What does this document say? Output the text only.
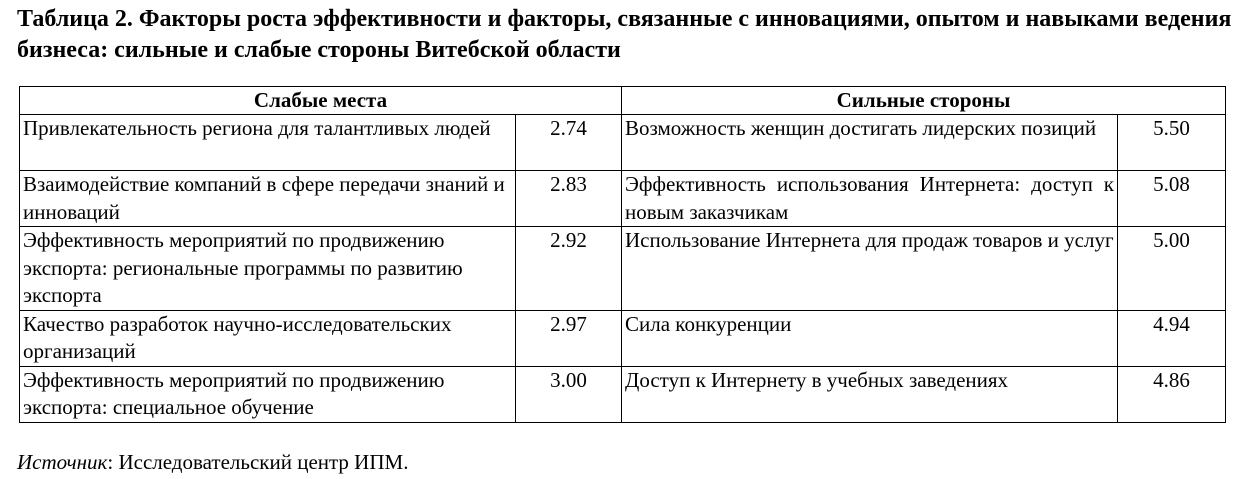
Таблица 2. Факторы роста эффективности и факторы, связанные с инновациями, опытом и навыками ведения бизнеса: сильные и слабые стороны Витебской области
Слабые места		Сильные стороны	
Привлекательность региона для талантливых людей	2.74	Возможность женщин достигать лидерских позиций	5.50
Взаимодействие компаний в сфере передачи знаний и инноваций	2.83	Эффективность использования Интернета: доступ к новым заказчикам	5.08
Эффективность мероприятий по продвижению экспорта: региональные программы по развитию экспорта	2.92	Использование Интернета для продаж товаров и услуг	5.00
Качество разработок научно-исследовательских организаций	2.97	Сила конкуренции	4.94
Эффективность мероприятий по продвижению экспорта: специальное обучение	3.00	Доступ к Интернету в учебных заведениях	4.86
Источник: Исследовательский центр ИПМ.
